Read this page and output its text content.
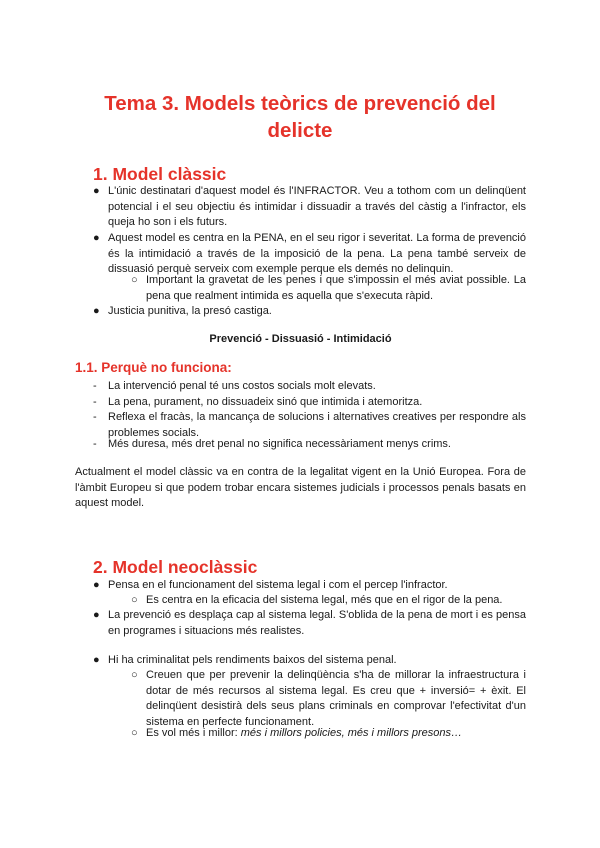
Tema 3. Models teòrics de prevenció del delicte
1. Model clàssic
● L'únic destinatari d'aquest model és l'INFRACTOR. Veu a tothom com un delinqüent potencial i el seu objectiu és intimidar i dissuadir a través del càstig a l'infractor, els queja ho son i els futurs.

● Aquest model es centra en la PENA, en el seu rigor i severitat. La forma de prevenció és la intimidació a través de la imposició de la pena. La pena també serveix de dissuasió perquè serveix com exemple perque els demés no delinquin.

○ Important la gravetat de les penes i que s'impossin el més aviat possible. La pena que realment intimida es aquella que s'executa ràpid.

● Justicia punitiva, la presó castiga.

Prevenció - Dissuasió - Intimidació
1.1. Perquè no funciona:
- La intervenció penal té uns costos socials molt elevats.

- La pena, purament, no dissuadeix sinó que intimida i atemoritza.

- Reflexa el fracàs, la mancança de solucions i alternatives creatives per respondre als problemes socials.

- Més duresa, més dret penal no significa necessàriament menys crims.

Actualment el model clàssic va en contra de la legalitat vigent en la Unió Europea. Fora de l'àmbit Europeu si que podem trobar encara sistemes judicials i processos penals basats en aquest model.

2. Model neoclàssic
● Pensa en el funcionament del sistema legal i com el percep l'infractor.

○ Es centra en la eficacia del sistema legal, més que en el rigor de la pena.

● La prevenció es desplaça cap al sistema legal. S'oblida de la pena de mort i es pensa en programes i situacions més realistes.

● Hi ha criminalitat pels rendiments baixos del sistema penal.

○ Creuen que per prevenir la delinqüència s'ha de millorar la infraestructura i dotar de més recursos al sistema legal. Es creu que + inversió= + èxit. El delinqüent desistirà dels seus plans criminals en comprovar l'efectivitat d'un sistema en perfecte funcionament.

○ Es vol més i millor: més i millors policies, més i millors presons…
